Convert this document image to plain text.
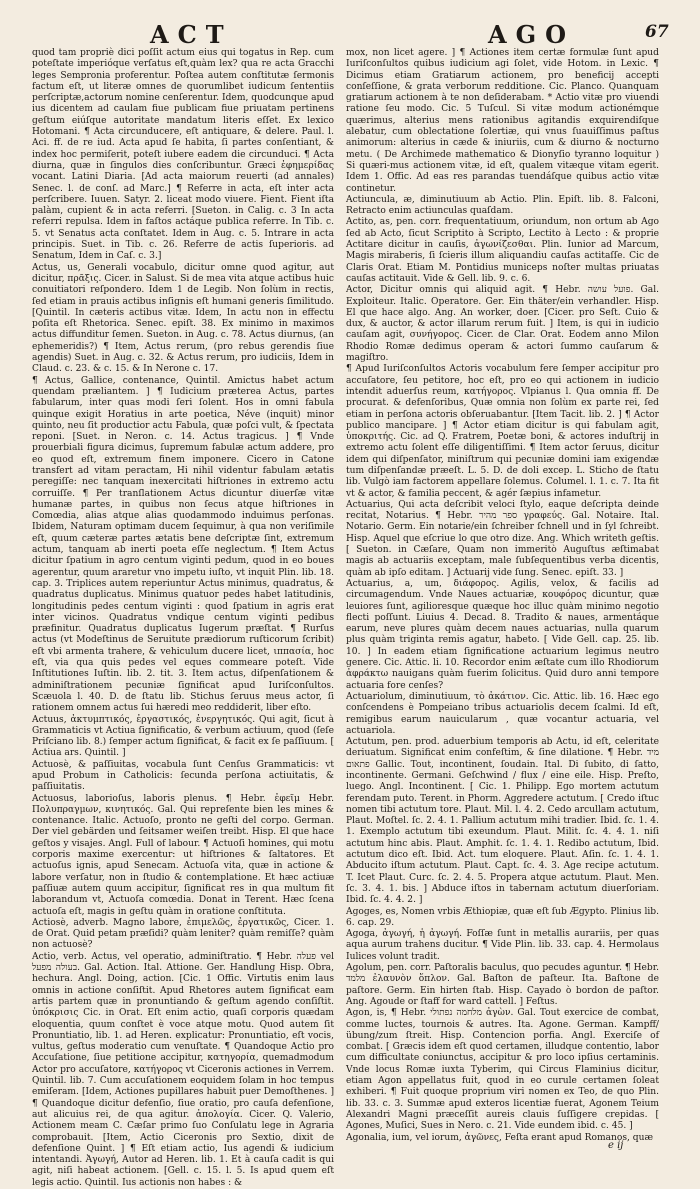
ACT	AGO	67

quod tam propriè dici poſſit actum eius qui togatus in Rep. cum poteſtate imperióque verſatus eſt,quàm lex? qua re acta Gracchi leges Sempronia proferentur. Poſtea autem conſtitutæ ſermonis factum eſt, ut literæ omnes de quorumlibet iudicum ſententiis perſcriptæ,actorum nomine cenſerentur. Idem, quodcunque apud ius dicentem ad caulam fiue publicam fiue priuatam pertinens geſtum eiúſque autoritate mandatum literis eſſet. Ex lexico Hotomani. ¶ Acta circunducere, eſt antiquare, & delere. Paul. l. Aci. ff. de re iud. Acta apud ſe habita, ſi partes conſentiant, & index hoc permiſerit, poteſt iubere eadem die circunduci. ¶ Acta diurna, quæ in ſingulos dies conſcribuntur. Græci ἐφημερίδας vocant. Latini Diaria. [Ad acta maiorum reuerti (ad annales) Senec. l. de conſ. ad Marc.] ¶ Referre in acta, eſt inter acta perſcribere. Iuuen. Satyr. 2. liceat modo viuere. Fient. Fient iſta palàm, cupient & in acta referri. [Sueton. in Calig. c. 3 In acta referri repulsa. Idem in faſtos actáque publica referre. In Tib. c. 5. vt Senatus acta conſtatet. Idem in Aug. c. 5. Intrare in acta principis. Suet. in Tib. c. 26. Referre de actis ſuperioris. ad Senatum, Idem in Caſ. c. 3.]

Actus, us, Generali vocabulo, dicitur omne quod agitur, aut dicitur, πρᾶξις. Cicer. in Salust. Si de mea vita atque actibus huic conuitiatori reſpondero. Idem 1 de Legib. Non ſolùm in rectis, ſed etiam in prauis actibus inſignis eſt humani generis ſimilitudo. [Quintil. In cæteris actibus vitæ. Idem, In actu non in effectu poſita eſt Rhetorica. Senec. epiſt. 38. Ex minimo in maximos actus diffunditur ſemen. Sueton. in Aug. c. 78. Actus diurnus, (an ephemeridis?) ¶ Item, Actus rerum, (pro rebus gerendis ſiue agendis) Suet. in Aug. c. 32. & Actus rerum, pro iudiciis, Idem in Claud. c. 23. & c. 15. & In Nerone c. 17.

¶ Actus, Gallice, contenance, Quintil. Amictus habet actum quendam præliantem. ] ¶ Iudicium præterea Actus, partes fabularum, inter quas modi ſeri ſolent. Hos in omni fabula quinque exigit Horatius in arte poetica, Néve (inquit) minor quinto, neu ſit productior actu Fabula, quæ poſci vult, & ſpectata reponi. [Suet. in Neron. c. 14. Actus tragicus. ] ¶ Vnde prouerbiali figura dicimus, ſupremum fabulæ actum addere, pro eo quod eſt, extremum finem imponere. Cicero in Catone transfert ad vitam peractam, Hi nihil videntur fabulam ætatis peregiſſe: nec tanquam inexercitati hiſtriones in extremo actu corruiſſe. ¶ Per tranſlationem Actus dicuntur diuerſæ vitæ humanæ partes, in quibus non ſecus atque hiſtriones in Comœdia, alias atque alias quodammodo induimus perſonas. Ibidem, Naturam optimam ducem ſequimur, à qua non veriſimile eſt, quum cæteræ partes ætatis bene deſcriptæ ſint, extremum actum, tanquam ab inerti poeta eſſe neglectum. ¶ Item Actus dicitur ſpatium in agro centum viginti pedum, quod in eo boues agerentur, quum araretur vno impetu iuſto, vt inquit Plin. lib. 18. cap. 3. Triplices autem reperiuntur Actus minimus, quadratus, & quadratus duplicatus. Minimus quatuor pedes habet latitudinis, longitudinis pedes centum viginti : quod ſpatium in agris erat inter vicinos. Quadratus vndique centum viginti pedibus præfinitur. Quadratus duplicatus Iugerum præſtat. ¶ Rurſus actus (vt Modeſtinus de Seruitute prædiorum ruſticorum ſcribit) eſt vbi armenta trahere, & vehiculum ducere licet, ιππασία, hoc eſt, via qua quis pedes vel eques commeare poteſt. Vide Inſtitutiones Iuſtin. lib. 2. tit. 3. Item actus, diſpenſationem & adminiſtrationem pecuniæ ſignificat apud Iuriſconſultos. Scæuola l. 40. D. de ſtatu lib. Stichus ſeruus meus actor, ſi rationem omnem actus ſui hæredi meo reddiderit, liber eſto.

Actuus, ἀκτυμπτικός, ἐργαστικός, ἐνεργητικός. Qui agit, ſicut à Grammaticis vt Actiua ſignificatio, & verbum actiuum, quod (ſeſe Priſciano lib. 8.) ſemper actum ſignificat, & facit ex ſe paſſiuum. [ Actiua ars. Quintil. ]

Actuosè, & paſſiuitas, vocabula ſunt Cenſus Grammaticis: vt apud Probum in Catholicis: ſecunda perſona actiuitatis, & paſſiuitatis.

Actuosus, laborioſus, laboris plenus. ¶ Hebr. ἐφεῖμ Hebr. Πολυπραγμων, κινητικός. Gal. Qui repreſente bien les mines & contenance. Italic. Actuoſo, pronto ne geſti del corpo. German. Der viel gebärden und ſeitsamer weiſen treibt. Hisp. El que hace geſtos y visajes. Angl. Full of labour. ¶ Actuoſi homines, qui motu corporis maxime exercentur: ut hiſtriones & ſaltatores. Et actuoſus ignis, apud Senecam. Actuoſa vita, quæ in actione & labore verſatur, non in ſtudio & contemplatione. Et hæc actiuæ paſſiuæ autem quum accipitur, ſignificat res in qua multum fit laborandum vt, Actuoſa comœdia. Donat in Terent. Hæc ſcena actuoſa eſt, magis in geſtu quàm in oratione conſtituta.

Actiosè, adverb. Magno labore, ἐπιμελῶς, ἐργατικῶς, Cicer. 1. de Orat. Quid petam præſidi? quàm leniter? quàm remiſſe? quàm non actuosè?

Actio, verb. Actus, vel operatio, adminiſtratio. ¶ Hebr. פעלה vel בעולה מפעל. Gal. Action. Ital. Attione. Ger. Handlung Hisp. Obra, hechura. Angl. Doing, action. [Cic. 1 Offic. Virtutis enim laus omnis in actione conſiſtit. Apud Rhetores autem ſignificat eam artis partem quæ in pronuntiando & geſtum agendo conſiſtit. ὑπόκρισις Cic. in Orat. Eſt enim actio, quaſi corporis quædam eloquentia, quum conſtet è voce atque motu. Quod autem ſit Pronuntiatio, lib. 1. ad Heren. explicatur: Pronuntiatio, eſt vocis, vultus, geſtus moderatio cum venuſtate. ¶ Quandoque Actio pro Accuſatione, ſiue petitione accipitur, κατηγορία, quemadmodum Actor pro accuſatore, κατήγορος vt Ciceronis actiones in Verrem. Quintil. lib. 7. Cum accuſationem eoquidem ſolam in hoc tempus emiſeram. [Idem, Actiones pupillares habuit puer Demoſthenes. ] ¶ Quandoque dicitur defenſio, ſiue oratio, pro cauſa defenſione, aut alicuius rei, de qua agitur. ἀπολογία. Cicer. Q. Valerio, Actionem meam C. Cæſar primo ſuo Conſulatu lege in Agraria comprobauit. [Item, Actio Ciceronis pro Sextio, dixit de defenſione Quint. ] ¶ Eſt etiam actio, Ius agendi & iudicium intentandi. Ἀγωγή, Autor ad Heren. lib. 1. Et à cauſa cadit is qui agit, niſi habeat actionem. [Gell. c. 15. l. 5. Is apud quem eſt legis actio. Quintil. Ius actionis non habes : &

mox, non licet agere. ] ¶ Actiones item certæ formulæ ſunt apud Iuriſconſultos quibus iudicium agi ſolet, vide Hotom. in Lexic. ¶ Dicimus etiam Gratiarum actionem, pro beneficij accepti conſeſſione, & grata verborum redditione. Cic. Planco. Quanquam gratiarum actionem à te non deſiderabam. * Actio vitæ pro viuendi ratione ſeu modo. Cic. 5 Tuſcul. Si vitæ modum actionémque quærimus, alterius mens rationibus agitandis exquirendiſque alebatur, cum oblectatione ſolertiæ, qui vnus ſuauiſſimus paſtus animorum: alterius in cæde & iniuriis, cum & diurno & nocturno metu. ( De Archimede mathematico & Dionyſio tyranno loquitur ) Si quæri-mus actionem vitæ, id eſt, qualem vitæque vitam egerit. Idem 1. Offic. Ad eas res parandas tuendáſque quibus actio vitæ continetur.

Actiuncula, æ, diminutiuum ab Actio. Plin. Epiſt. lib. 8. Falconi, Retracto enim actiunculas quaſdam.

Actito, as, pen. corr. frequentatiuum, oriundum, non ortum ab Ago ſed ab Acto, ſicut Scriptito à Scripto, Lectito à Lecto : & proprie Actitare dicitur in cauſis, ἀγωνίζεσθαι. Plin. Iunior ad Marcum, Magis miraberis, ſi ſcieris illum aliquandiu cauſas actitaſſe. Cic de Claris Orat. Etiam M. Pontidius municeps noſter multas priuatas cauſas actitauit. Vide & Gell. lib. 9. c. 6.

Actor, Dicitur omnis qui aliquid agit. ¶ Hebr. פועל עושה. Gal. Exploiteur. Italic. Operatore. Ger. Ein thäter/ein verhandler. Hisp. El que hace algo. Ang. An worker, doer. [Cicer. pro Seſt. Cuio & dux, & auctor, & actor illarum rerum fuit. ] Item, is qui in iudicio cauſam agit, συνήγορος. Cicer. de Clar. Orat. Eodem anno Milon Rhodio Romæ dedimus operam & actori ſummo cauſarum & magiſtro.

¶ Apud Iuriſconſultos Actoris vocabulum fere ſemper accipitur pro accuſatore, ſeu petitore, hoc eſt, pro eo qui actionem in iudicio intendit aduerſus reum, κατήγορος. Vlpianus l. Qua omnia ff. De procurat. & defenſoribus, Quæ omnia non ſolùm ex parte rei, ſed etiam in perſona actoris obſeruabantur. [Item Tacit. lib. 2. ] ¶ Actor publico mancipare. ] ¶ Actor etiam dicitur is qui fabulam agit, ὑποκριτής. Cic. ad Q. Fratrem, Poetæ boni, & actores induſtrij in extremo actu ſolent eſſe diligentiſſimi. ¶ Item actor ſeruus, dicitur idem qui diſpenſator, miniſtrum qui pecuniæ domini iam exigendæ tum diſpenſandæ præeſt. L. 5. D. de doli excep. L. Sticho de ſtatu lib. Vulgò iam factorem appellare ſolemus. Columel. l. 1. c. 7. Ita fit vt & actor, & familia peccent, & agér ſæpius infametur.

Actuarius, Qui acta deſcribit veloci ſtylo, eaque deſcripta deinde recitat, Notarius. ¶ Hebr. ספר מהיר γραφεύς. Gal. Notaire. Ital. Notario. Germ. Ein notarie/ein ſchreiber ſchnell und in ſyl ſchreibt. Hisp. Aquel que eſcriue lo que otro dize. Ang. Which writeth geſtis. [ Sueton. in Cæſare, Quam non immeritò Auguſtus æſtimabat magis ab actuariis exceptam, male ſubſequentibus verba dicentis, quàm ab ipſo editam. ] Actuarij vide ſung. Senec. epiſt. 33. ]

Actuarius, a, um, διάφορος. Agilis, velox, & facilis ad circumagendum. Vnde Naues actuariæ, κουφόρος dicuntur, quæ leuiores ſunt, agilioresque quæque hoc illuc quàm minimo negotio flecti poſſunt. Liuius 4. Decad. 8. Tradito & naues, armentáque earum, neve plures quàm decem naues actuarias, nulla quarum plus quàm triginta remis agatur, habeto. [ Vide Gell. cap. 25. lib. 10. ] In eadem etiam ſignificatione actuarium legimus neutro genere. Cic. Attic. li. 10. Recordor enim æſtate cum illo Rhodiorum ἀφράκτω nauigans quàm fuerim ſolicitus. Quid duro anni tempore actuaria fore cenſes?

Actuariolum, diminutiuum, τὸ ἀκάτιον. Cic. Attic. lib. 16. Hæc ego conſcendens è Pompeiano tribus actuariolis decem ſcalmi. Id eſt, remigibus earum nauicularum , quæ vocantur actuaria, vel actuariola.

Actutum, pen. prod. aduerbium temporis ab Actu, id eſt, celeritate deriuatum. Significat enim confeſtim, & ſine dilatione. ¶ Hebr. מיד פתאום Gallic. Tout, incontinent, ſoudain. Ital. Di ſubito, di ſatto, incontinente. Germani. Geſchwind / flux / eine eile. Hisp. Preſto, luego. Angl. Incontinent. [ Cic. 1. Philipp. Ego mortem actutum ferendam puto. Terent. in Phorm. Aggredere actutum. [ Credo iſtuc nomen tibi actutum tore. Plaut. Mil. l. 4. 2. Cedo arcullam actutum, Plaut. Moſtel. ſc. 2. 4. 1. Pallium actutum mihi tradier. Ibid. ſc. 1. 4. 1. Exemplo actutum tibi exeundum. Plaut. Milit. ſc. 4. 4. 1. niſi actutum hinc abis. Plaut. Amphit. ſc. 1. 4. 1. Redibo actutum, Ibid. actutum dico eſt. Ibid. Act. tum eloquere. Plaut. Aſin. ſc. 1. 4. 1. Abducito iſtum actutum. Plaut. Capt. ſc. 4. 3. Age recipe actutum. T. Icet Plaut. Curc. ſc. 2. 4. 5. Propera atque actutum. Plaut. Men. ſc. 3. 4. 1. bis. ] Abduce iſtos in tabernam actutum diuerſoriam. Ibid. ſc. 4. 4. 2. ]

Agoges, es, Nomen vrbis Æthiopiæ, quæ eſt ſub Ægypto. Plinius lib. 6. cap. 29.

Agoga, ἀγωγή, ἡ ἀγωγή. Foſſæ ſunt in metallis aurariis, per quas aqua aurum trahens ducitur. ¶ Vide Plin. lib. 33. cap. 4. Hermolaus Iulices volunt tradit.

Agolum, pen. corr. Paſtoralis baculus, quo pecudes aguntur. ¶ Hebr. מלמד ἐλαυνὸν ὅπλον. Gal. Baſton de paſteur. Ita. Baſtone de paſtore. Germ. Ein hirten ſtab. Hisp. Cayado ò bordon de paſtor. Ang. Agoude or ſtaff for ward cattell. ] Feſtus.

Agon, is, ¶ Hebr. מלחמה נפתולי ἀγὼν. Gal. Tout exercice de combat, comme luctes, tournois & autres. Ita. Agone. German. Kampff/übung/zum ſtreit. Hisp. Contencion porfia. Angl. Exerciſe of combat. [ Græcis idem eſt quod certamen, illudque contentio, labor cum difficultate coniunctus, accipitur & pro loco ipſius certaminis. Vnde locus Romæ iuxta Tyberim, qui Circus Flaminius dicitur, etiam Agon appellatus fuit, quod in eo curule certamen ſoleat exhiberi. ¶ Fuit quoque proprium viri nomen ex Teo, de quo Plin. lib. 33. c. 3. Summæ apud exteros licentiæ fuerat, Agonem Teium Alexandri Magni præceſſit aureis clauis ſuſſigere crepidas. [ Agones, Muſici, Sues in Nero. c. 21. Vide eundem ibid. c. 45. ]

Agonalia, ium, vel iorum, ἀγῶνες, Feſta erant apud Romanos, quæ

e ij
